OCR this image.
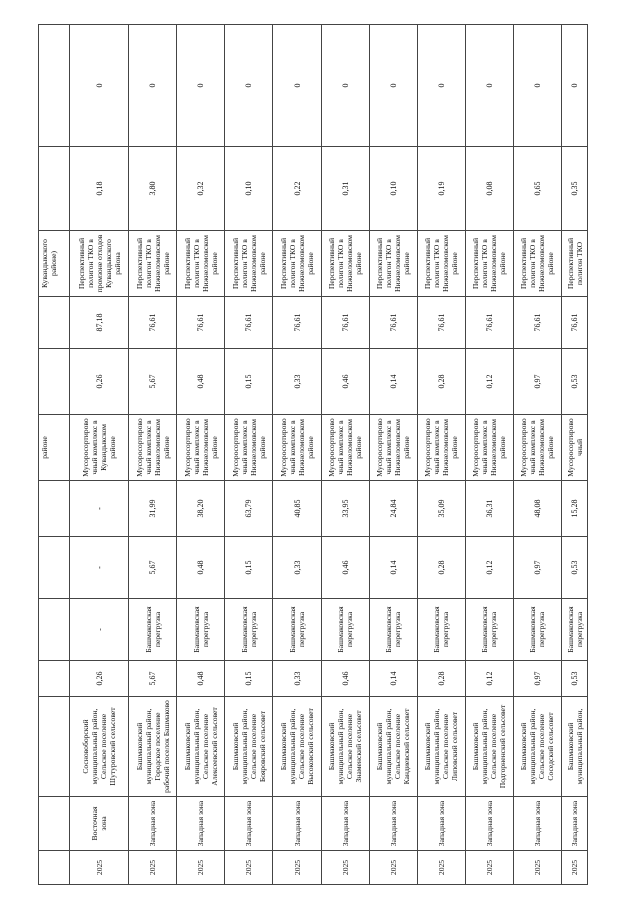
							районе			Кувандыкского районе)		
2025	Восточная зона	Сосновоборский муниципальный район, Сельское поселение Шутуровский сельсовет	0,26	-	-	-	Мусоросортировочный комплекс в Кувандыкском районе	0,26	87,18	Перспективный полигон ТКО в промзоне отходов Кувандыкского района	0,18	0
2025	Западная зона	Башмаковский муниципальный район, Городское поселение рабочий поселок Башмаково	5,67	Башмаковская перегрузка	5,67	31,99	Мусоросортировочный комплекс в Нижнеломовском районе	5,67	76,61	Перспективный полигон ТКО в Нижнеломовском районе	3,80	0
2025	Западная зона	Башмаковский муниципальный район, Сельское поселение Алексеевский сельсовет	0,48	Башмаковская перегрузка	0,48	38,20	Мусоросортировочный комплекс в Нижнеломовском районе	0,48	76,61	Перспективный полигон ТКО в Нижнеломовском районе	0,32	0
2025	Западная зона	Башмаковский муниципальный район, Сельское поселение Бояровский сельсовет	0,15	Башмаковская перегрузка	0,15	63,79	Мусоросортировочный комплекс в Нижнеломовском районе	0,15	76,61	Перспективный полигон ТКО в Нижнеломовском районе	0,10	0
2025	Западная зона	Башмаковский муниципальный район, Сельское поселение Высоковский сельсовет	0,33	Башмаковская перегрузка	0,33	40,85	Мусоросортировочный комплекс в Нижнеломовском районе	0,33	76,61	Перспективный полигон ТКО в Нижнеломовском районе	0,22	0
2025	Западная зона	Башмаковский муниципальный район, Сельское поселение Знаменский сельсовет	0,46	Башмаковская перегрузка	0,46	33,95	Мусоросортировочный комплекс в Нижнеломовском районе	0,46	76,61	Перспективный полигон ТКО в Нижнеломовском районе	0,31	0
2025	Западная зона	Башмаковский муниципальный район, Сельское поселение Кандиевский сельсовет	0,14	Башмаковская перегрузка	0,14	24,84	Мусоросортировочный комплекс в Нижнеломовском районе	0,14	76,61	Перспективный полигон ТКО в Нижнеломовском районе	0,10	0
2025	Западная зона	Башмаковский муниципальный район, Сельское поселение Липовский сельсовет	0,28	Башмаковская перегрузка	0,28	35,09	Мусоросортировочный комплекс в Нижнеломовском районе	0,28	76,61	Перспективный полигон ТКО в Нижнеломовском районе	0,19	0
2025	Западная зона	Башмаковский муниципальный район, Сельское поселение Подгорненский сельсовет	0,12	Башмаковская перегрузка	0,12	36,31	Мусоросортировочный комплекс в Нижнеломовском районе	0,12	76,61	Перспективный полигон ТКО в Нижнеломовском районе	0,08	0
2025	Западная зона	Башмаковский муниципальный район, Сельское поселение Соседский сельсовет	0,97	Башмаковская перегрузка	0,97	48,08	Мусоросортировочный комплекс в Нижнеломовском районе	0,97	76,61	Перспективный полигон ТКО в Нижнеломовском районе	0,65	0
2025	Западная зона	Башмаковский муниципальный район,	0,53	Башмаковская перегрузка	0,53	15,28	Мусоросортировочный	0,53	76,61	Перспективный полигон ТКО	0,35	0
